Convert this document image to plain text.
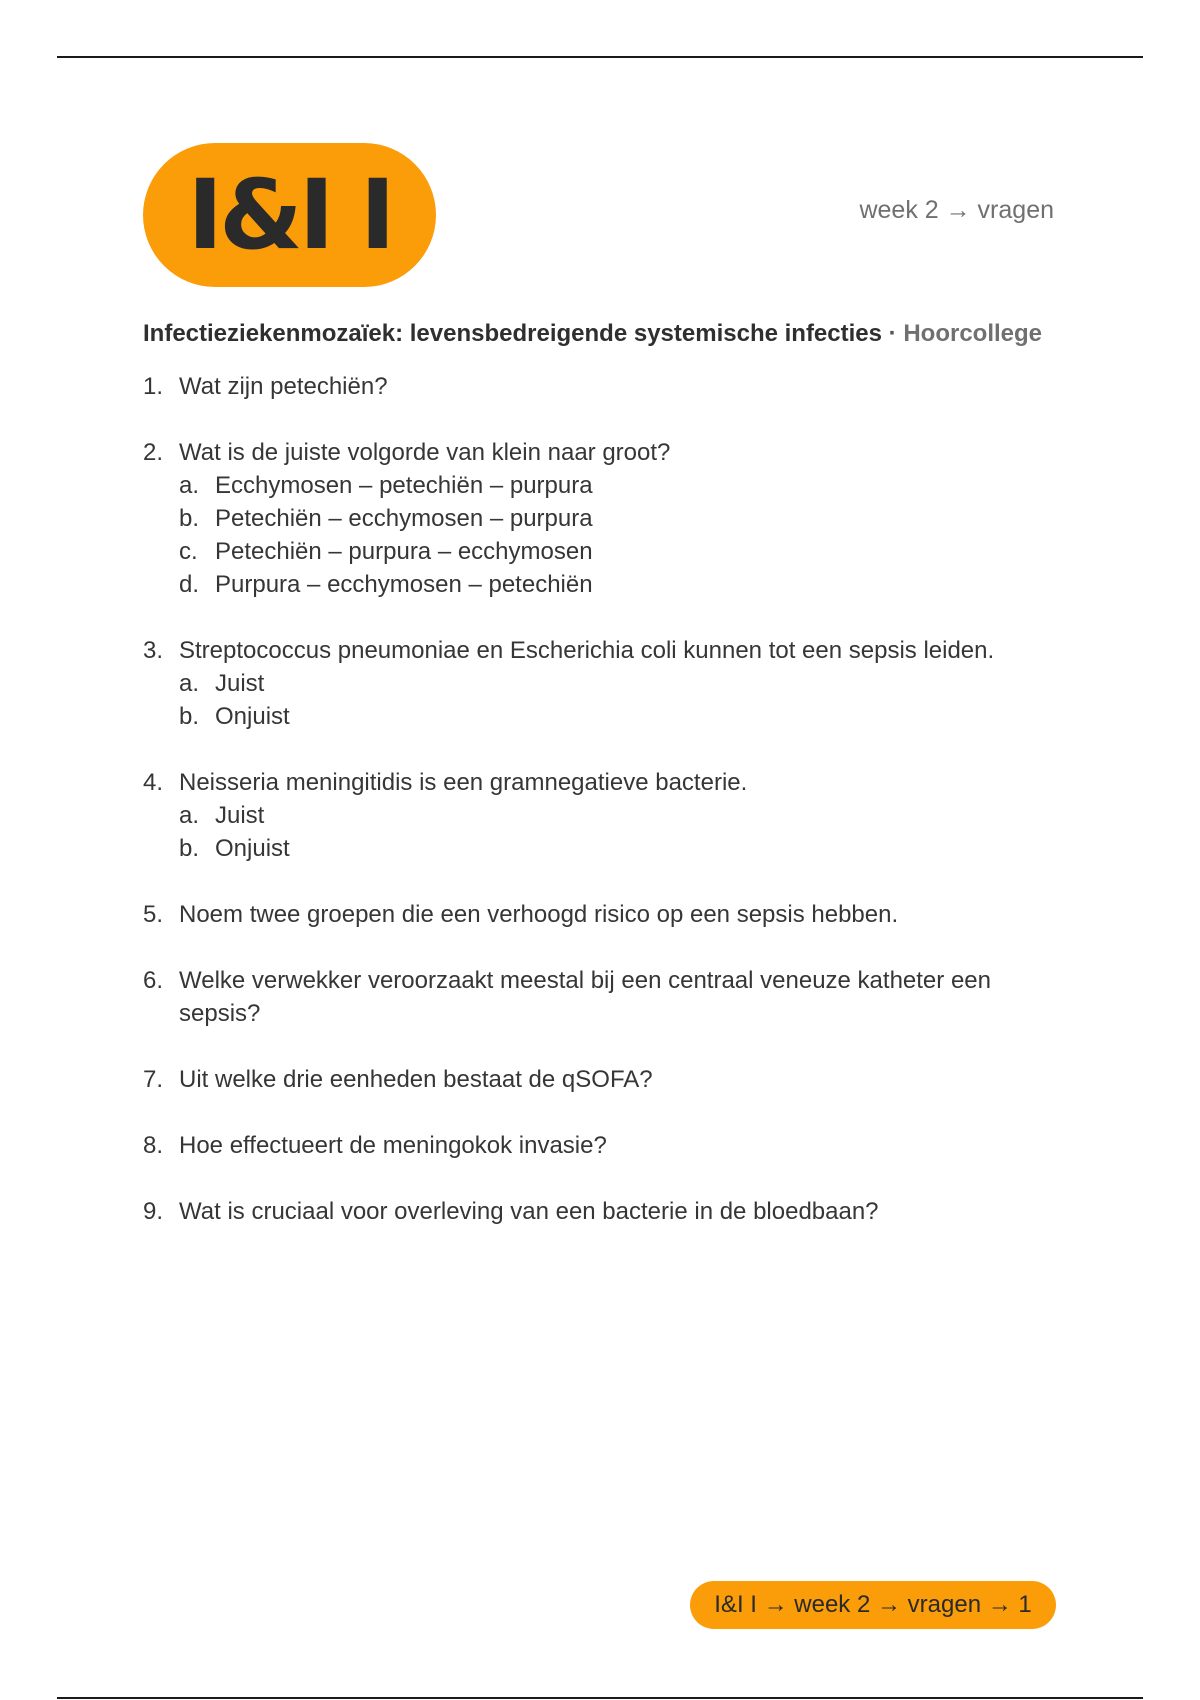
I&I I	week 2 → vragen
Infectieziekenmozaïek: levensbedreigende systemische infecties · Hoorcollege
1. Wat zijn petechiën?
2. Wat is de juiste volgorde van klein naar groot?
a. Ecchymosen – petechiën – purpura
b. Petechiën – ecchymosen – purpura
c. Petechiën – purpura – ecchymosen
d. Purpura – ecchymosen – petechiën
3. Streptococcus pneumoniae en Escherichia coli kunnen tot een sepsis leiden.
a. Juist
b. Onjuist
4. Neisseria meningitidis is een gramnegatieve bacterie.
a. Juist
b. Onjuist
5. Noem twee groepen die een verhoogd risico op een sepsis hebben.
6. Welke verwekker veroorzaakt meestal bij een centraal veneuze katheter een sepsis?
7. Uit welke drie eenheden bestaat de qSOFA?
8. Hoe effectueert de meningokok invasie?
9. Wat is cruciaal voor overleving van een bacterie in de bloedbaan?
I&I I → week 2 → vragen → 1
